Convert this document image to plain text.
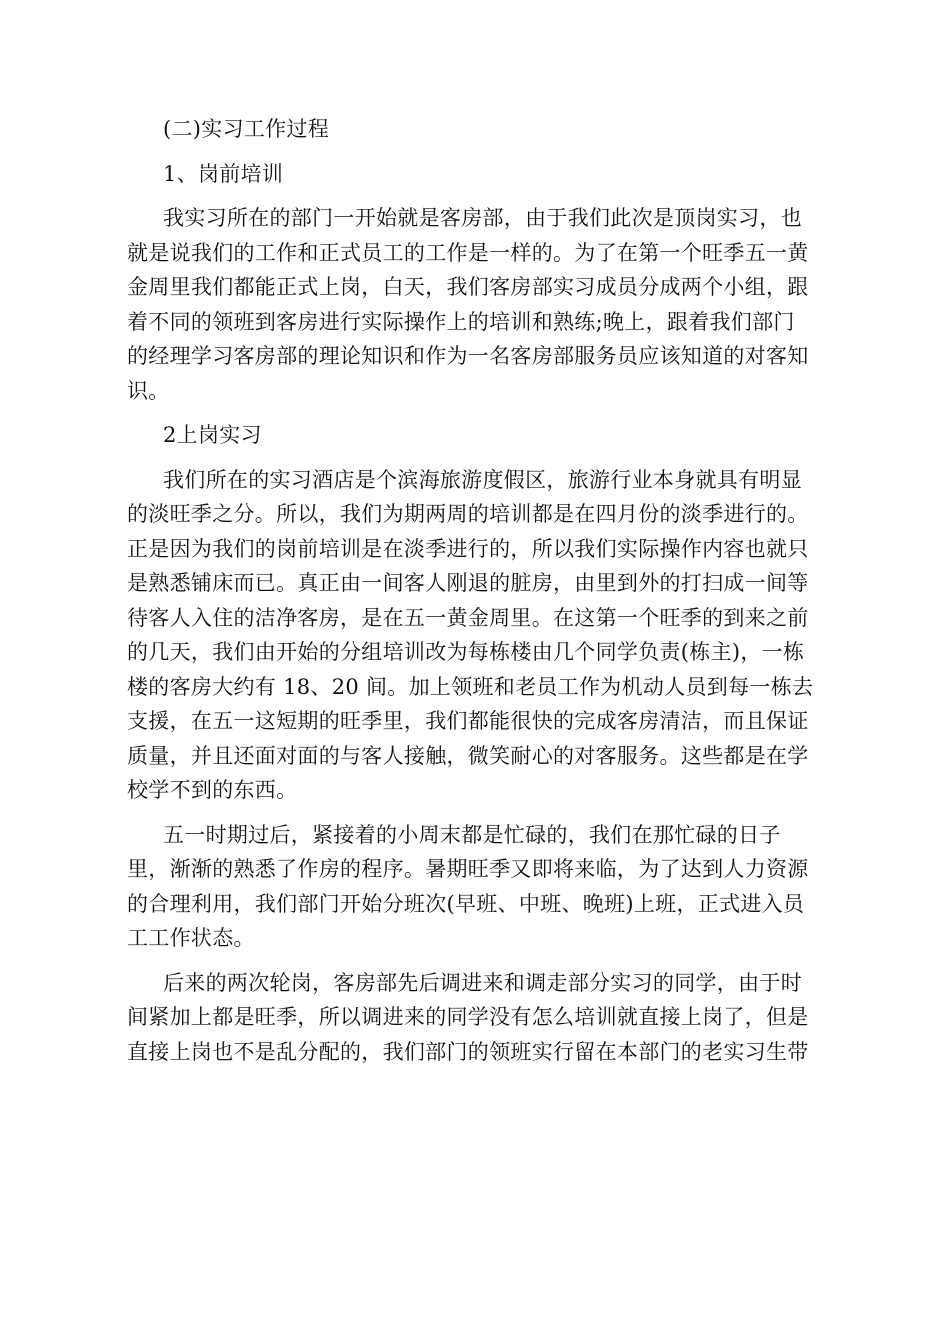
(二)实习工作过程
1、岗前培训
我实习所在的部门一开始就是客房部，由于我们此次是顶岗实习，也
就是说我们的工作和正式员工的工作是一样的。为了在第一个旺季五一黄
金周里我们都能正式上岗，白天，我们客房部实习成员分成两个小组，跟
着不同的领班到客房进行实际操作上的培训和熟练;晚上，跟着我们部门
的经理学习客房部的理论知识和作为一名客房部服务员应该知道的对客知
识。
2上岗实习
我们所在的实习酒店是个滨海旅游度假区，旅游行业本身就具有明显
的淡旺季之分。所以，我们为期两周的培训都是在四月份的淡季进行的。
正是因为我们的岗前培训是在淡季进行的，所以我们实际操作内容也就只
是熟悉铺床而已。真正由一间客人刚退的脏房，由里到外的打扫成一间等
待客人入住的洁净客房，是在五一黄金周里。在这第一个旺季的到来之前
的几天，我们由开始的分组培训改为每栋楼由几个同学负责(栋主)，一栋
楼的客房大约有 18、20 间。加上领班和老员工作为机动人员到每一栋去
支援，在五一这短期的旺季里，我们都能很快的完成客房清洁，而且保证
质量，并且还面对面的与客人接触，微笑耐心的对客服务。这些都是在学
校学不到的东西。
五一时期过后，紧接着的小周末都是忙碌的，我们在那忙碌的日子
里，渐渐的熟悉了作房的程序。暑期旺季又即将来临，为了达到人力资源
的合理利用，我们部门开始分班次(早班、中班、晚班)上班，正式进入员
工工作状态。
后来的两次轮岗，客房部先后调进来和调走部分实习的同学，由于时
间紧加上都是旺季，所以调进来的同学没有怎么培训就直接上岗了，但是
直接上岗也不是乱分配的，我们部门的领班实行留在本部门的老实习生带
